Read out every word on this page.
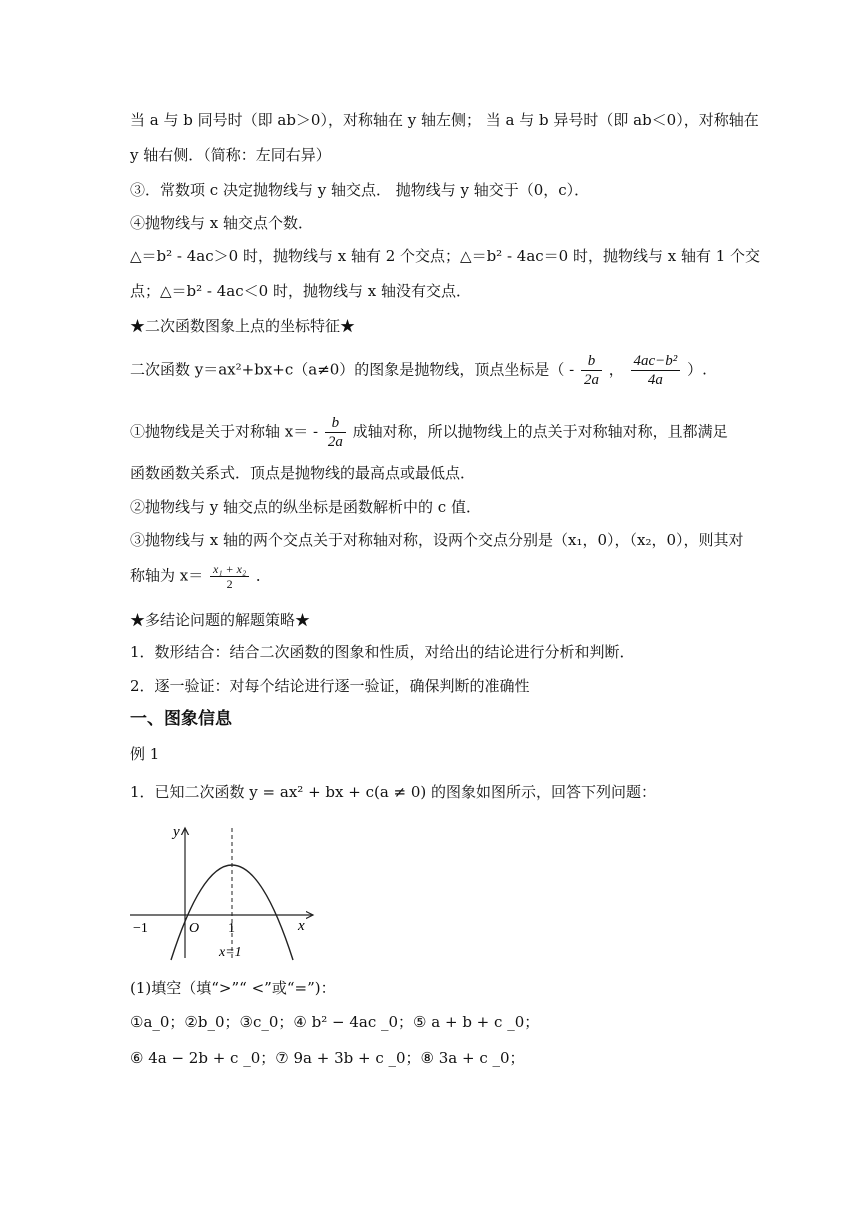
当 a 与 b 同号时（即 ab＞0），对称轴在 y 轴左侧； 当 a 与 b 异号时（即 ab＜0），对称轴在
y 轴右侧．（简称：左同右异）
③．常数项 c 决定抛物线与 y 轴交点． 抛物线与 y 轴交于（0，c）．
④抛物线与 x 轴交点个数．
△＝b² - 4ac＞0 时，抛物线与 x 轴有 2 个交点；△＝b² - 4ac＝0 时，抛物线与 x 轴有 1 个交
点；△＝b² - 4ac＜0 时，抛物线与 x 轴没有交点．
★二次函数图象上点的坐标特征★
二次函数 y＝ax²+bx+c（a≠0）的图象是抛物线，顶点坐标是（ - $\frac{b}{2a}$ ， $\frac{\text{4ac−b²}}{4a}$ ）.
①抛物线是关于对称轴 $x= - \frac{b}{2a}$ 成轴对称，所以抛物线上的点关于对称轴对称，且都满足
函数函数关系式．顶点是抛物线的最高点或最低点．
②抛物线与 y 轴交点的纵坐标是函数解析中的 c 值．
③抛物线与 x 轴的两个交点关于对称轴对称，设两个交点分别是（x₁，0），（x₂，0），则其对
称轴为 $x= \frac{\text{x₁ + x₂}}{2}$ ．
★多结论问题的解题策略★
1．数形结合：结合二次函数的图象和性质，对给出的结论进行分析和判断．
2．逐一验证：对每个结论进行逐一验证，确保判断的准确性
一、图象信息
例 1
1．已知二次函数 y = ax² + bx + c(a ≠ 0) 的图象如图所示，回答下列问题：
y
x
O
−1	1
x=1
(1)填空（填“>”“ <”或“=”)：
①a_0；②b_0；③c_0；④ b² − 4ac _0；⑤ a + b + c _0；
⑥ 4a − 2b + c _0；⑦ 9a + 3b + c _0；⑧ 3a + c _0；
